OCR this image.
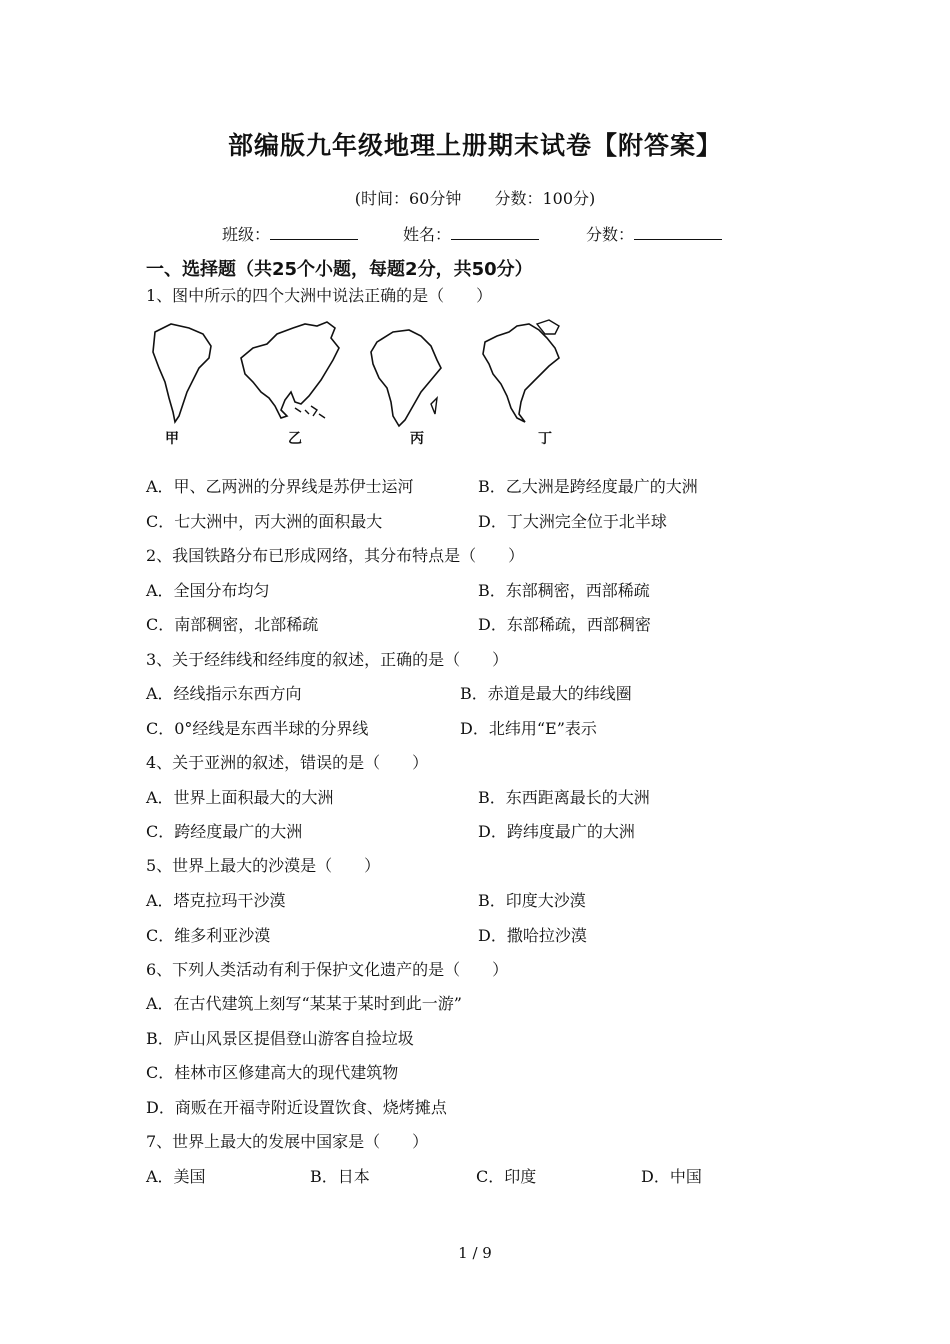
部编版九年级地理上册期末试卷【附答案】
(时间：60分钟 分数：100分)
班级：	姓名：	分数：
一、选择题（共25个小题，每题2分，共50分）
1、图中所示的四个大洲中说法正确的是（　　）
甲	乙	丙	丁
A．甲、乙两洲的分界线是苏伊士运河	B．乙大洲是跨经度最广的大洲
C．七大洲中，丙大洲的面积最大	D．丁大洲完全位于北半球
2、我国铁路分布已形成网络，其分布特点是（　　）
A．全国分布均匀	B．东部稠密，西部稀疏
C．南部稠密，北部稀疏	D．东部稀疏，西部稠密
3、关于经纬线和经纬度的叙述，正确的是（　　）
A．经线指示东西方向	B．赤道是最大的纬线圈
C．0°经线是东西半球的分界线	D．北纬用“E”表示
4、关于亚洲的叙述，错误的是（　　）
A．世界上面积最大的大洲	B．东西距离最长的大洲
C．跨经度最广的大洲	D．跨纬度最广的大洲
5、世界上最大的沙漠是（　　）
A．塔克拉玛干沙漠	B．印度大沙漠
C．维多利亚沙漠	D．撒哈拉沙漠
6、下列人类活动有利于保护文化遗产的是（　　）
A．在古代建筑上刻写“某某于某时到此一游”
B．庐山风景区提倡登山游客自捡垃圾
C．桂林市区修建高大的现代建筑物
D．商贩在开福寺附近设置饮食、烧烤摊点
7、世界上最大的发展中国家是（　　）
A．美国	B．日本	C．印度	D．中国
1 / 9
